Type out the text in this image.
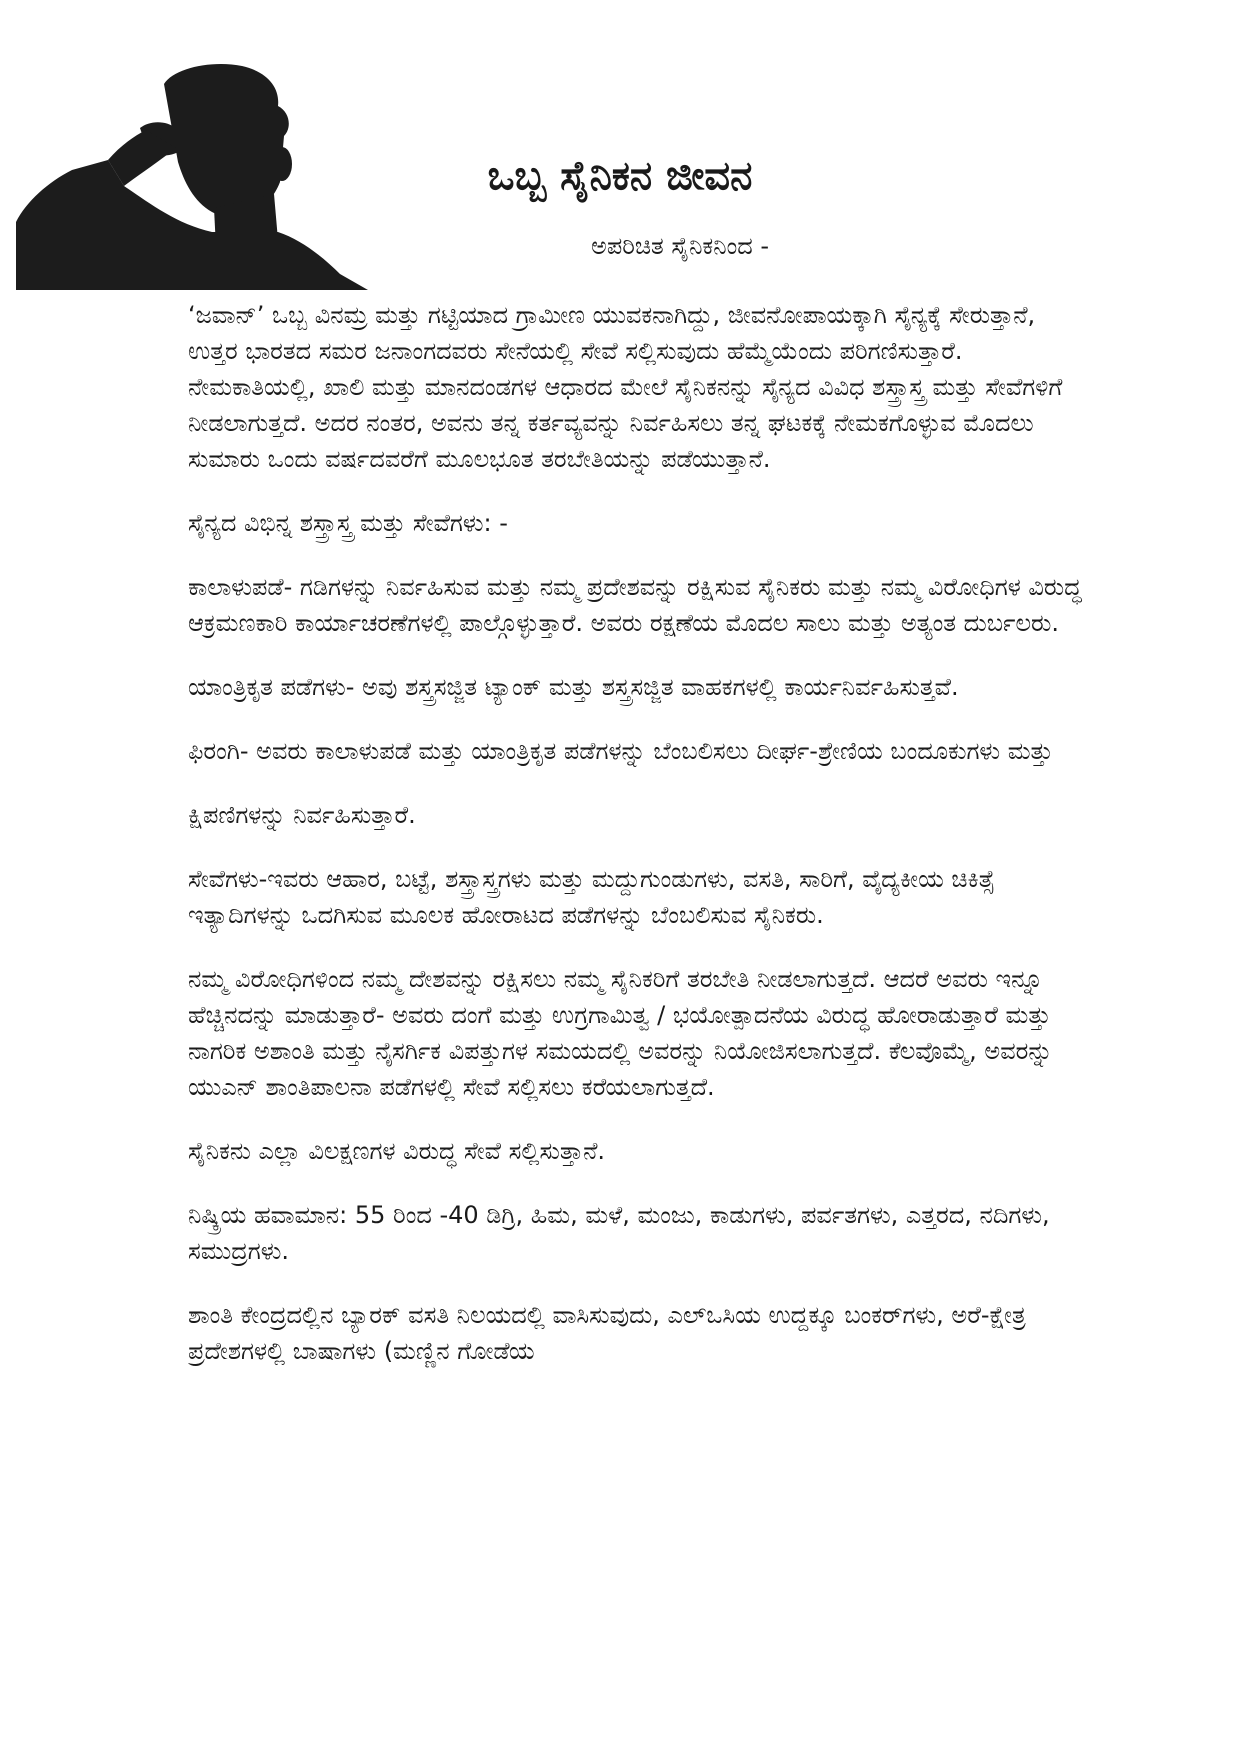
ಒಬ್ಬ ಸೈನಿಕನ ಜೀವನ

ಅಪರಿಚಿತ ಸೈನಿಕನಿಂದ -

‘ಜವಾನ್’ ಒಬ್ಬ ವಿನಮ್ರ ಮತ್ತು ಗಟ್ಟಿಯಾದ ಗ್ರಾಮೀಣ ಯುವಕನಾಗಿದ್ದು, ಜೀವನೋಪಾಯಕ್ಕಾಗಿ ಸೈನ್ಯಕ್ಕೆ ಸೇರುತ್ತಾನೆ, ಉತ್ತರ ಭಾರತದ ಸಮರ ಜನಾಂಗದವರು ಸೇನೆಯಲ್ಲಿ ಸೇವೆ ಸಲ್ಲಿಸುವುದು ಹೆಮ್ಮೆಯೆಂದು ಪರಿಗಣಿಸುತ್ತಾರೆ. ನೇಮಕಾತಿಯಲ್ಲಿ, ಖಾಲಿ ಮತ್ತು ಮಾನದಂಡಗಳ ಆಧಾರದ ಮೇಲೆ ಸೈನಿಕನನ್ನು ಸೈನ್ಯದ ವಿವಿಧ ಶಸ್ತ್ರಾಸ್ತ್ರ ಮತ್ತು ಸೇವೆಗಳಿಗೆ ನೀಡಲಾಗುತ್ತದೆ. ಅದರ ನಂತರ, ಅವನು ತನ್ನ ಕರ್ತವ್ಯವನ್ನು ನಿರ್ವಹಿಸಲು ತನ್ನ ಘಟಕಕ್ಕೆ ನೇಮಕಗೊಳ್ಳುವ ಮೊದಲು ಸುಮಾರು ಒಂದು ವರ್ಷದವರೆಗೆ ಮೂಲಭೂತ ತರಬೇತಿಯನ್ನು ಪಡೆಯುತ್ತಾನೆ.

ಸೈನ್ಯದ ವಿಭಿನ್ನ ಶಸ್ತ್ರಾಸ್ತ್ರ ಮತ್ತು ಸೇವೆಗಳು: -

ಕಾಲಾಳುಪಡೆ- ಗಡಿಗಳನ್ನು ನಿರ್ವಹಿಸುವ ಮತ್ತು ನಮ್ಮ ಪ್ರದೇಶವನ್ನು ರಕ್ಷಿಸುವ ಸೈನಿಕರು ಮತ್ತು ನಮ್ಮ ವಿರೋಧಿಗಳ ವಿರುದ್ಧ ಆಕ್ರಮಣಕಾರಿ ಕಾರ್ಯಾಚರಣೆಗಳಲ್ಲಿ ಪಾಲ್ಗೊಳ್ಳುತ್ತಾರೆ. ಅವರು ರಕ್ಷಣೆಯ ಮೊದಲ ಸಾಲು ಮತ್ತು ಅತ್ಯಂತ ದುರ್ಬಲರು.

ಯಾಂತ್ರಿಕೃತ ಪಡೆಗಳು- ಅವು ಶಸ್ತ್ರಸಜ್ಜಿತ ಟ್ಯಾಂಕ್ ಮತ್ತು ಶಸ್ತ್ರಸಜ್ಜಿತ ವಾಹಕಗಳಲ್ಲಿ ಕಾರ್ಯನಿರ್ವಹಿಸುತ್ತವೆ.

ಫಿರಂಗಿ- ಅವರು ಕಾಲಾಳುಪಡೆ ಮತ್ತು ಯಾಂತ್ರಿಕೃತ ಪಡೆಗಳನ್ನು ಬೆಂಬಲಿಸಲು ದೀರ್ಘ-ಶ್ರೇಣಿಯ ಬಂದೂಕುಗಳು ಮತ್ತು

ಕ್ಷಿಪಣಿಗಳನ್ನು ನಿರ್ವಹಿಸುತ್ತಾರೆ.

ಸೇವೆಗಳು-ಇವರು ಆಹಾರ, ಬಟ್ಟೆ, ಶಸ್ತ್ರಾಸ್ತ್ರಗಳು ಮತ್ತು ಮದ್ದುಗುಂಡುಗಳು, ವಸತಿ, ಸಾರಿಗೆ, ವೈದ್ಯಕೀಯ ಚಿಕಿತ್ಸೆ ಇತ್ಯಾದಿಗಳನ್ನು ಒದಗಿಸುವ ಮೂಲಕ ಹೋರಾಟದ ಪಡೆಗಳನ್ನು ಬೆಂಬಲಿಸುವ ಸೈನಿಕರು.

ನಮ್ಮ ವಿರೋಧಿಗಳಿಂದ ನಮ್ಮ ದೇಶವನ್ನು ರಕ್ಷಿಸಲು ನಮ್ಮ ಸೈನಿಕರಿಗೆ ತರಬೇತಿ ನೀಡಲಾಗುತ್ತದೆ. ಆದರೆ ಅವರು ಇನ್ನೂ ಹೆಚ್ಚಿನದನ್ನು ಮಾಡುತ್ತಾರೆ- ಅವರು ದಂಗೆ ಮತ್ತು ಉಗ್ರಗಾಮಿತ್ವ / ಭಯೋತ್ಪಾದನೆಯ ವಿರುದ್ಧ ಹೋರಾಡುತ್ತಾರೆ ಮತ್ತು ನಾಗರಿಕ ಅಶಾಂತಿ ಮತ್ತು ನೈಸರ್ಗಿಕ ವಿಪತ್ತುಗಳ ಸಮಯದಲ್ಲಿ ಅವರನ್ನು ನಿಯೋಜಿಸಲಾಗುತ್ತದೆ. ಕೆಲವೊಮ್ಮೆ, ಅವರನ್ನು ಯುಎನ್ ಶಾಂತಿಪಾಲನಾ ಪಡೆಗಳಲ್ಲಿ ಸೇವೆ ಸಲ್ಲಿಸಲು ಕರೆಯಲಾಗುತ್ತದೆ.

ಸೈನಿಕನು ಎಲ್ಲಾ ವಿಲಕ್ಷಣಗಳ ವಿರುದ್ಧ ಸೇವೆ ಸಲ್ಲಿಸುತ್ತಾನೆ.

ನಿಷ್ಕ್ರಿಯ ಹವಾಮಾನ: 55 ರಿಂದ -40 ಡಿಗ್ರಿ, ಹಿಮ, ಮಳೆ, ಮಂಜು, ಕಾಡುಗಳು, ಪರ್ವತಗಳು, ಎತ್ತರದ, ನದಿಗಳು, ಸಮುದ್ರಗಳು.

ಶಾಂತಿ ಕೇಂದ್ರದಲ್ಲಿನ ಬ್ಯಾರಕ್ ವಸತಿ ನಿಲಯದಲ್ಲಿ ವಾಸಿಸುವುದು, ಎಲ್ಒಸಿಯ ಉದ್ದಕ್ಕೂ ಬಂಕರ್‌ಗಳು, ಅರೆ-ಕ್ಷೇತ್ರ ಪ್ರದೇಶಗಳಲ್ಲಿ ಬಾಷಾಗಳು (ಮಣ್ಣಿನ ಗೋಡೆಯ
